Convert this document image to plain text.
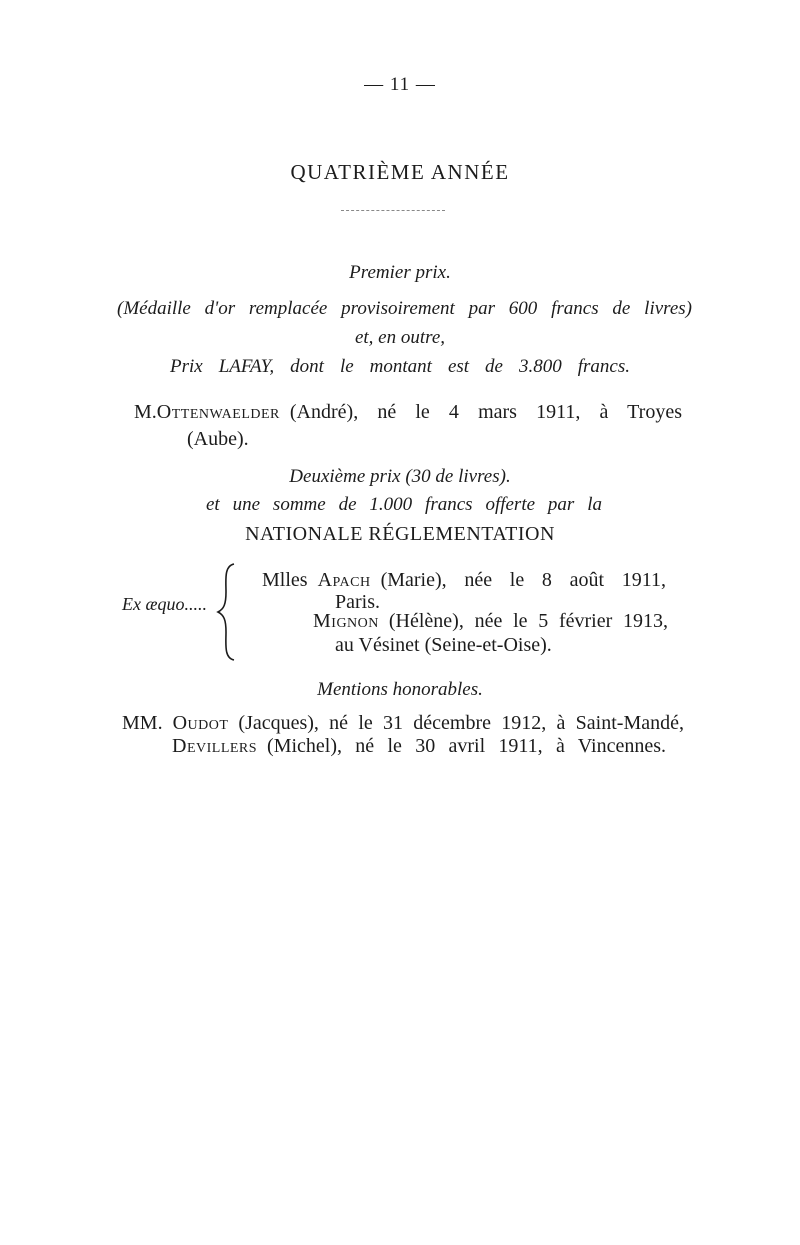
— 11 —
QUATRIÈME ANNÉE
Premier prix.
(Médaille d'or remplacée provisoirement par 600 francs de livres)
et, en outre,
Prix LAFAY, dont le montant est de 3.800 francs.
M. Ottenwaelder (André), né le 4 mars 1911, à Troyes
(Aube).
Deuxième prix (30 de livres).
et une somme de 1.000 francs offerte par la
NATIONALE RÉGLEMENTATION
Ex æquo.....
Mlles Apach (Marie), née le 8 août 1911,
Paris.
Mignon (Hélène), née le 5 février 1913,
au Vésinet (Seine-et-Oise).
Mentions honorables.
MM. Oudot (Jacques), né le 31 décembre 1912, à Saint-Mandé,
Devillers (Michel), né le 30 avril 1911, à Vincennes.
